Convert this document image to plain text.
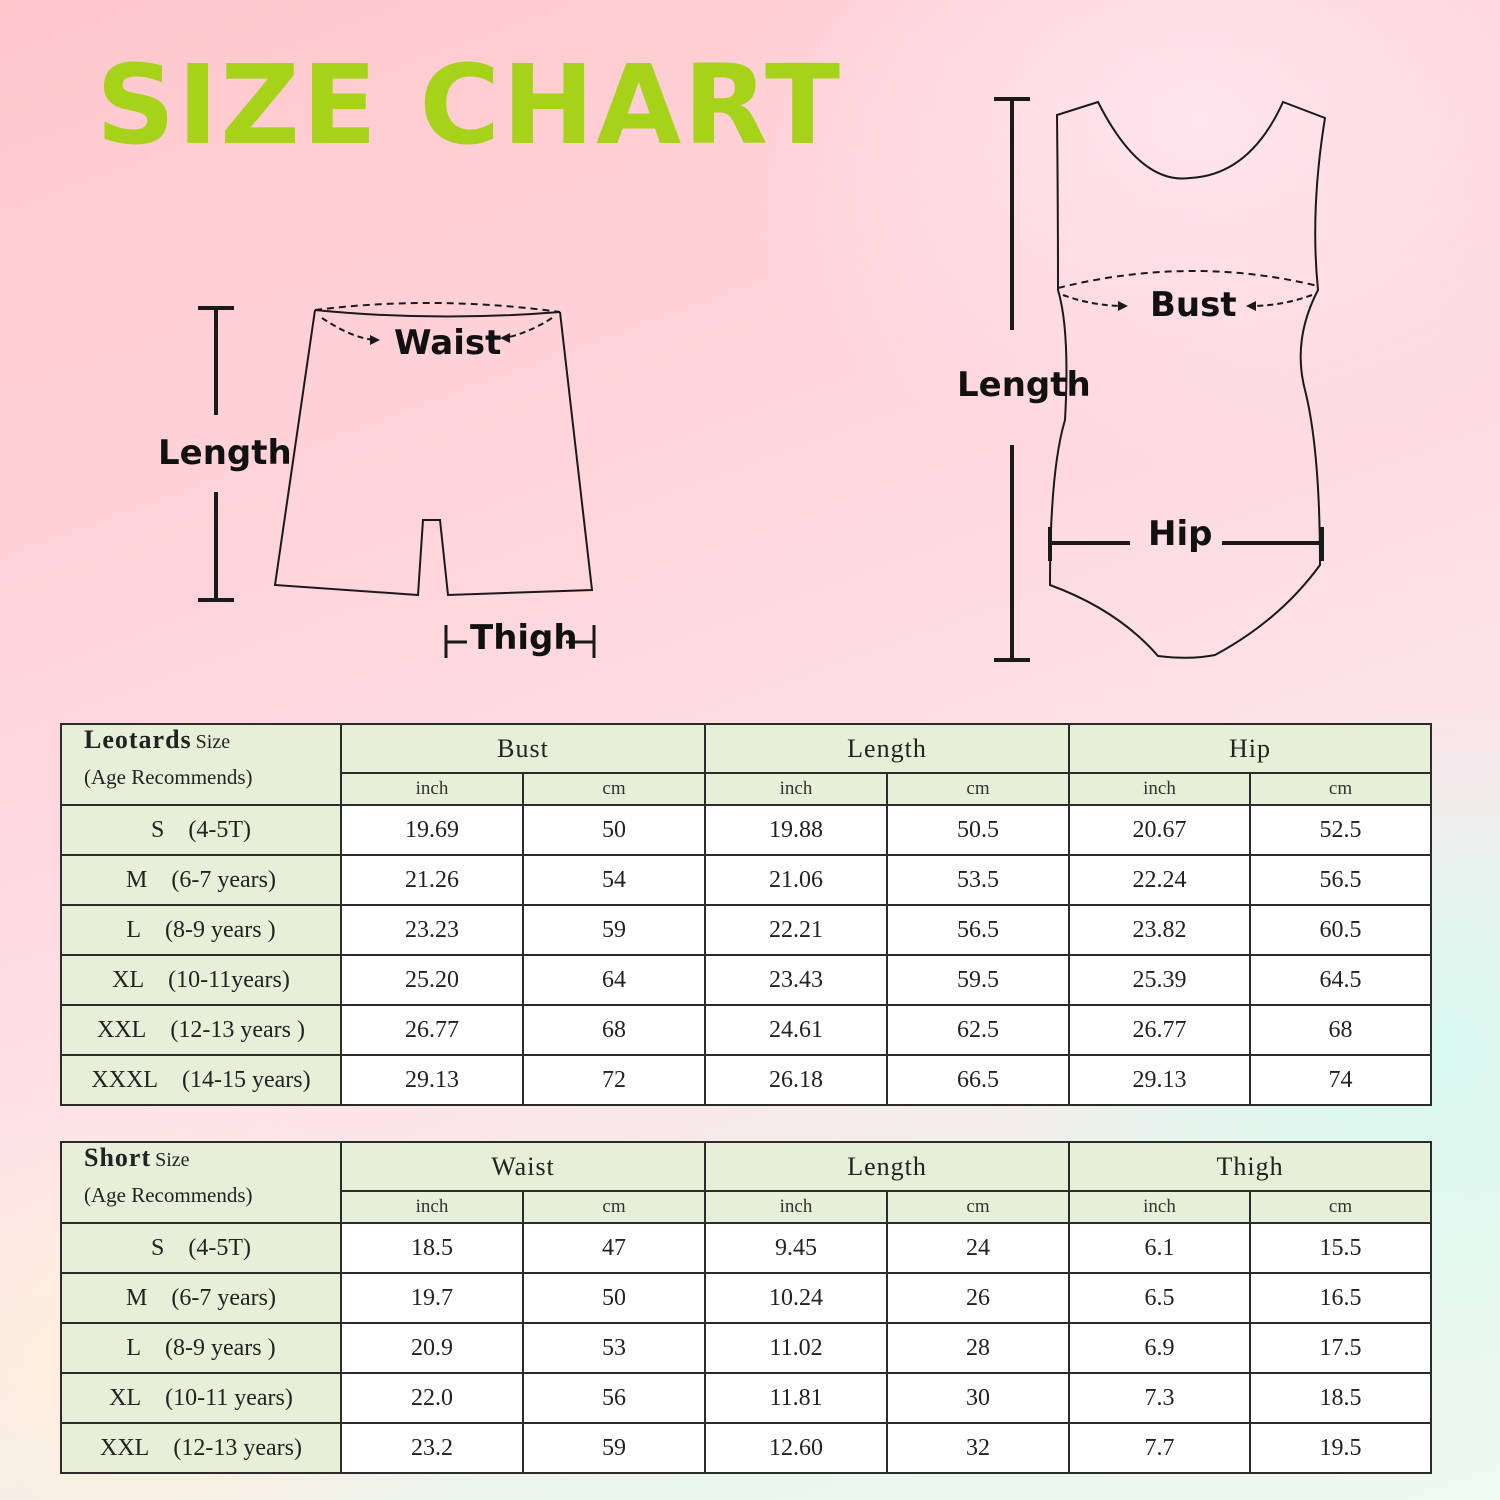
SIZE CHART
Waist
Length
Thigh
Bust
Length
Hip
Leotards Size
(Age Recommends)	Bust		Length		Hip	
	inch	cm	inch	cm	inch	cm
S (4-5T)	19.69	50	19.88	50.5	20.67	52.5
M (6-7 years)	21.26	54	21.06	53.5	22.24	56.5
L (8-9 years )	23.23	59	22.21	56.5	23.82	60.5
XL (10-11years)	25.20	64	23.43	59.5	25.39	64.5
XXL (12-13 years )	26.77	68	24.61	62.5	26.77	68
XXXL (14-15 years)	29.13	72	26.18	66.5	29.13	74
Short Size
(Age Recommends)	Waist		Length		Thigh	
	inch	cm	inch	cm	inch	cm
S (4-5T)	18.5	47	9.45	24	6.1	15.5
M (6-7 years)	19.7	50	10.24	26	6.5	16.5
L (8-9 years )	20.9	53	11.02	28	6.9	17.5
XL (10-11 years)	22.0	56	11.81	30	7.3	18.5
XXL (12-13 years)	23.2	59	12.60	32	7.7	19.5
